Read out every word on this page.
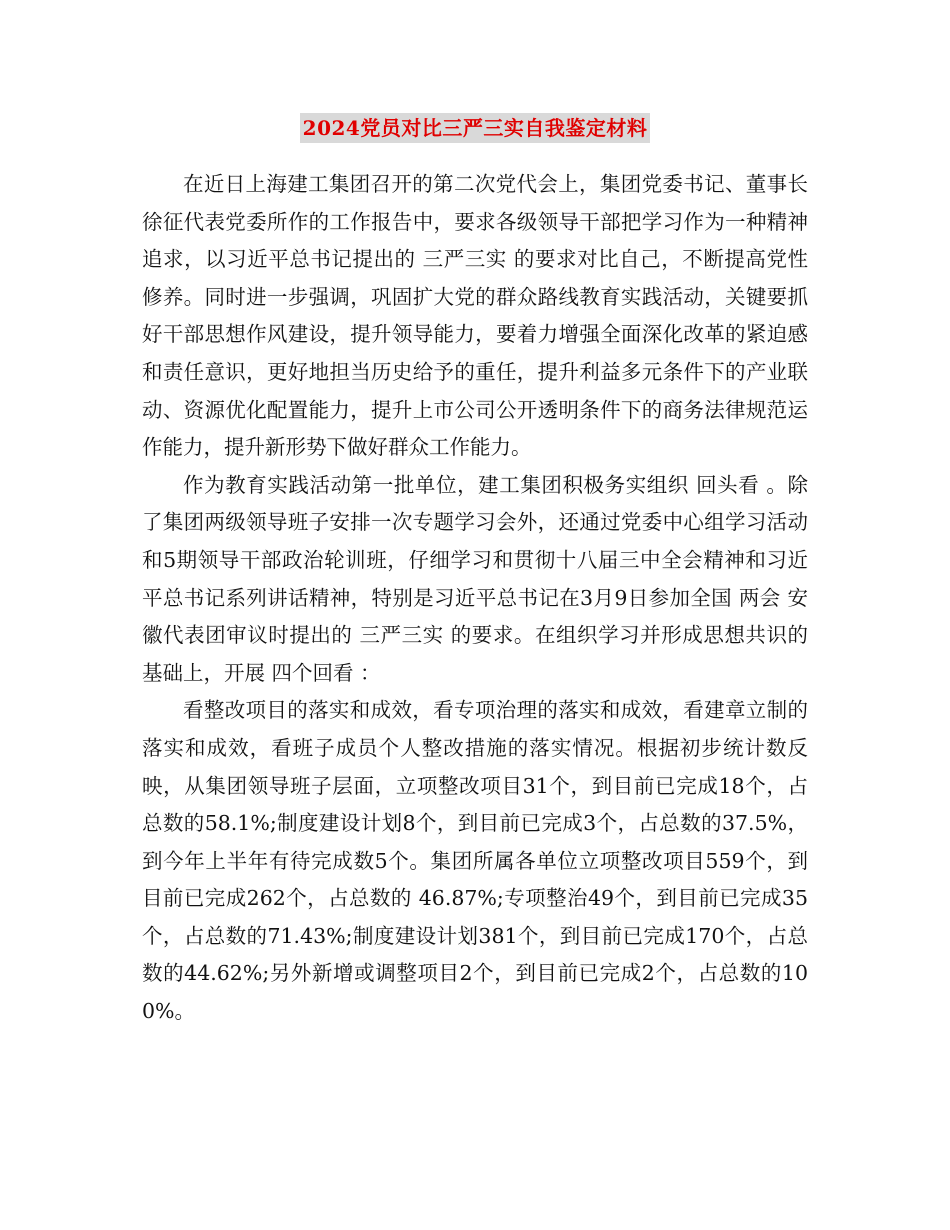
2024党员对比三严三实自我鉴定材料

在近日上海建工集团召开的第二次党代会上，集团党委书记、董事长徐征代表党委所作的工作报告中，要求各级领导干部把学习作为一种精神追求，以习近平总书记提出的 三严三实 的要求对比自己，不断提高党性修养。同时进一步强调，巩固扩大党的群众路线教育实践活动，关键要抓好干部思想作风建设，提升领导能力，要着力增强全面深化改革的紧迫感和责任意识，更好地担当历史给予的重任，提升利益多元条件下的产业联动、资源优化配置能力，提升上市公司公开透明条件下的商务法律规范运作能力，提升新形势下做好群众工作能力。

作为教育实践活动第一批单位，建工集团积极务实组织 回头看 。除了集团两级领导班子安排一次专题学习会外，还通过党委中心组学习活动和5期领导干部政治轮训班，仔细学习和贯彻十八届三中全会精神和习近平总书记系列讲话精神，特别是习近平总书记在3月9日参加全国 两会 安徽代表团审议时提出的 三严三实 的要求。在组织学习并形成思想共识的基础上，开展 四个回看 ：

看整改项目的落实和成效，看专项治理的落实和成效，看建章立制的落实和成效，看班子成员个人整改措施的落实情况。根据初步统计数反映，从集团领导班子层面，立项整改项目31个，到目前已完成18个，占总数的58.1%;制度建设计划8个，到目前已完成3个，占总数的37.5%，到今年上半年有待完成数5个。集团所属各单位立项整改项目559个，到目前已完成262个，占总数的 46.87%;专项整治49个，到目前已完成35个，占总数的71.43%;制度建设计划381个，到目前已完成170个，占总数的44.62%;另外新增或调整项目2个，到目前已完成2个，占总数的100%。
